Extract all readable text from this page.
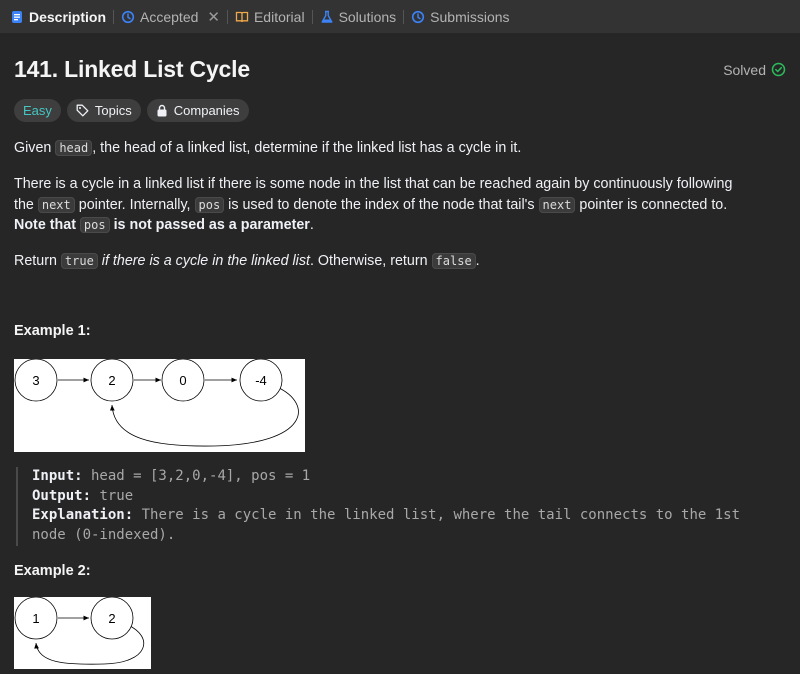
Description Accepted ✕ Editorial Solutions Submissions
141. Linked List Cycle	Solved
Easy	Topics	Companies
Given head , the head of a linked list, determine if the linked list has a cycle in it.
There is a cycle in a linked list if there is some node in the list that can be reached again by continuously following the next pointer. Internally, pos is used to denote the index of the node that tail's next pointer is connected to. Note that pos is not passed as a parameter.
Return true if there is a cycle in the linked list. Otherwise, return false .
Example 1:
3	2	0	-4
Input: head = [3,2,0,-4], pos = 1
Output: true
Explanation: There is a cycle in the linked list, where the tail connects to the 1st node (0-indexed).
Example 2:
1	2
